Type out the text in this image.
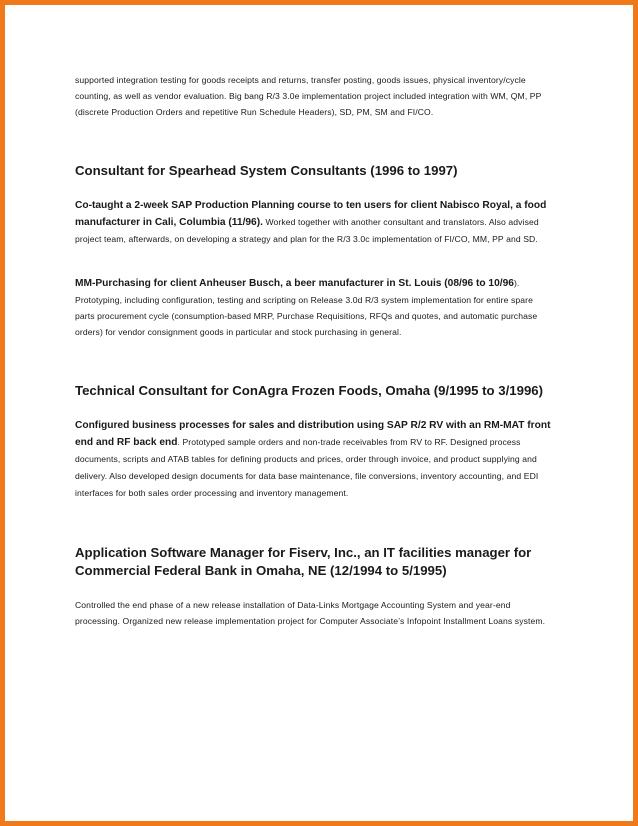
supported integration testing for goods receipts and returns, transfer posting, goods issues, physical inventory/cycle counting, as well as vendor evaluation. Big bang R/3 3.0e implementation project included integration with WM, QM, PP (discrete Production Orders and repetitive Run Schedule Headers), SD, PM, SM and FI/CO.

Consultant for Spearhead System Consultants (1996 to 1997)

Co-taught a 2-week SAP Production Planning course to ten users for client Nabisco Royal, a food manufacturer in Cali, Columbia (11/96). Worked together with another consultant and translators. Also advised project team, afterwards, on developing a strategy and plan for the R/3 3.0c implementation of FI/CO, MM, PP and SD.

MM-Purchasing for client Anheuser Busch, a beer manufacturer in St. Louis (08/96 to 10/96).

Prototyping, including configuration, testing and scripting on Release 3.0d R/3 system implementation for entire spare parts procurement cycle (consumption-based MRP, Purchase Requisitions, RFQs and quotes, and automatic purchase orders) for vendor consignment goods in particular and stock purchasing in general.

Technical Consultant for ConAgra Frozen Foods, Omaha (9/1995 to 3/1996)

Configured business processes for sales and distribution using SAP R/2 RV with an RM-MAT front end and RF back end. Prototyped sample orders and non-trade receivables from RV to RF. Designed process documents, scripts and ATAB tables for defining products and prices, order through invoice, and product supplying and delivery. Also developed design documents for data base maintenance, file conversions, inventory accounting, and EDI interfaces for both sales order processing and inventory management.

Application Software Manager for Fiserv, Inc., an IT facilities manager for Commercial Federal Bank in Omaha, NE (12/1994 to 5/1995)

Controlled the end phase of a new release installation of Data-Links Mortgage Accounting System and year-end processing. Organized new release implementation project for Computer Associate’s Infopoint Installment Loans system.
